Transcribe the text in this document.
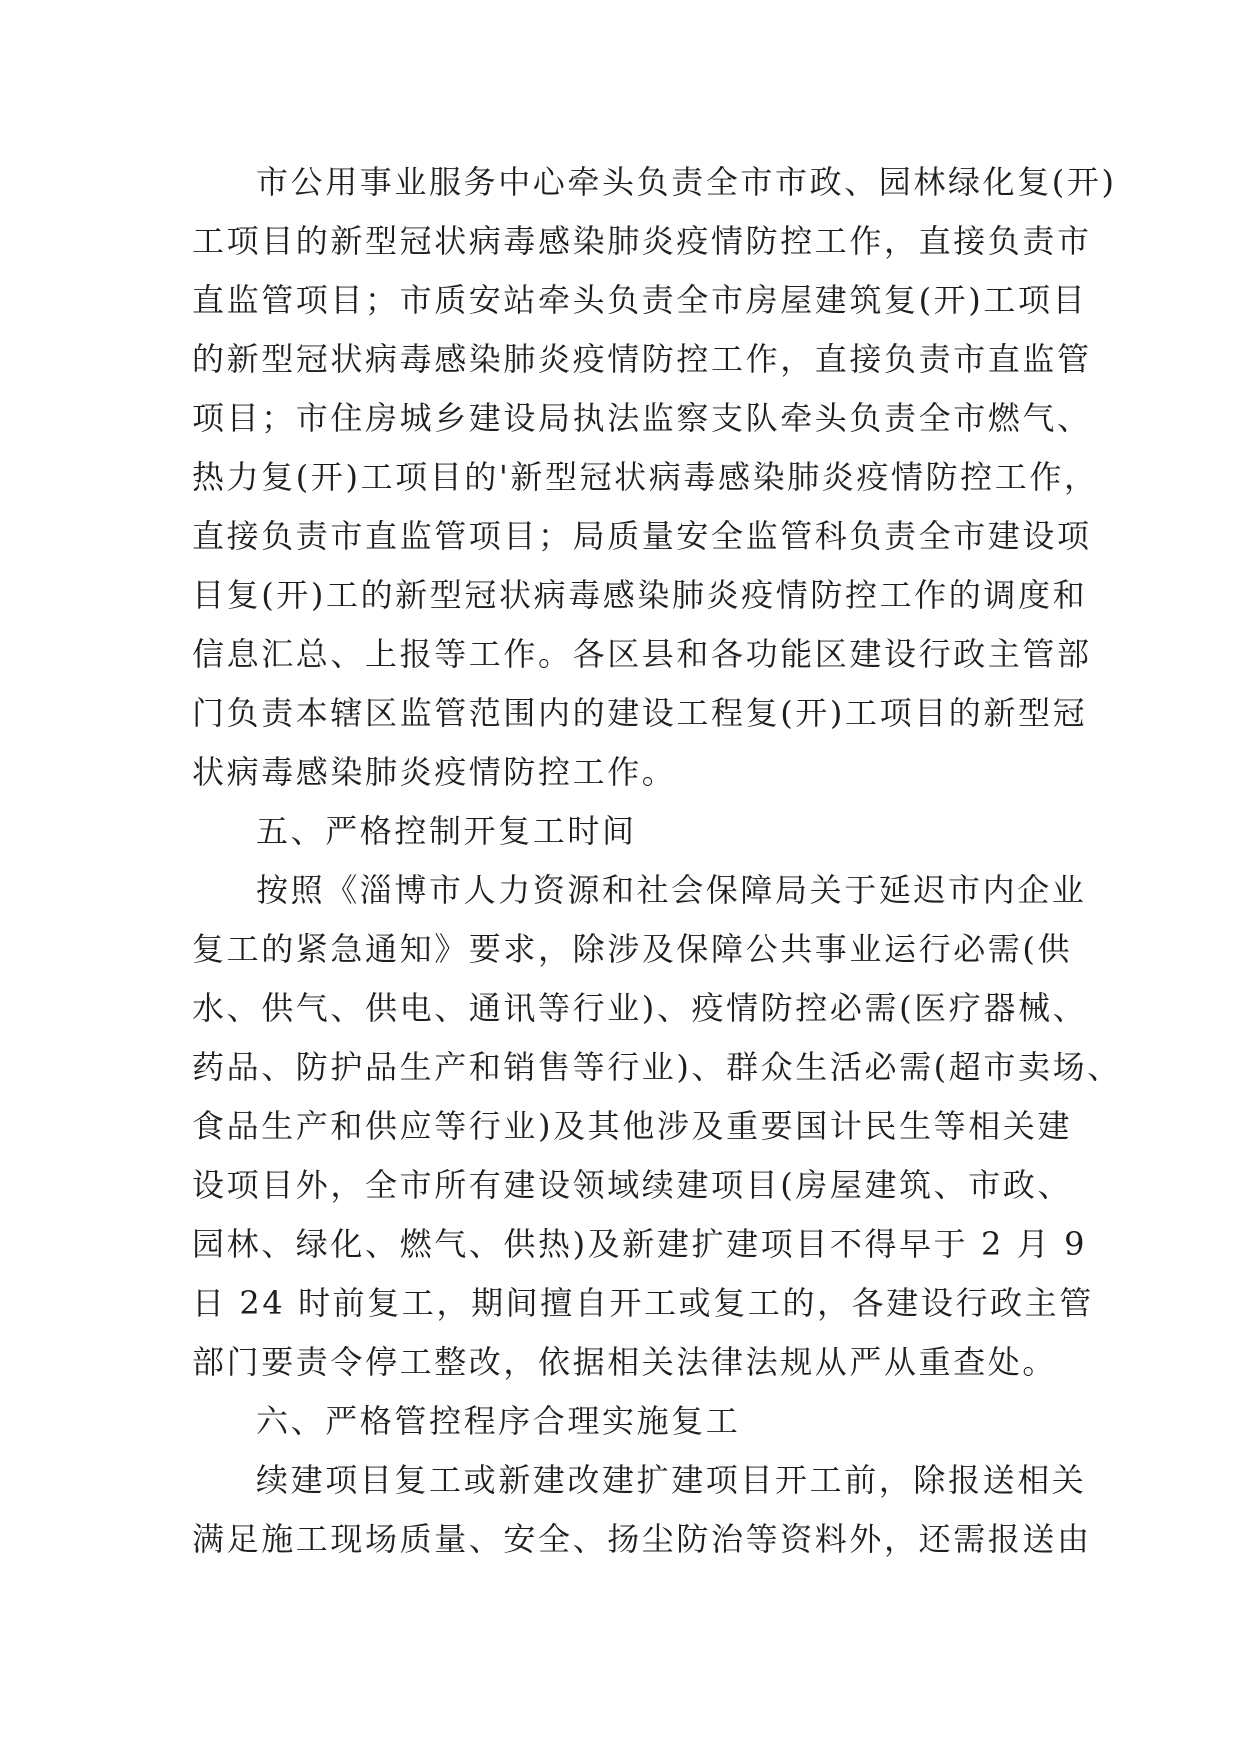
市公用事业服务中心牵头负责全市市政、园林绿化复(开)
工项目的新型冠状病毒感染肺炎疫情防控工作，直接负责市
直监管项目；市质安站牵头负责全市房屋建筑复(开)工项目
的新型冠状病毒感染肺炎疫情防控工作，直接负责市直监管
项目；市住房城乡建设局执法监察支队牵头负责全市燃气、
热力复(开)工项目的'新型冠状病毒感染肺炎疫情防控工作，
直接负责市直监管项目；局质量安全监管科负责全市建设项
目复(开)工的新型冠状病毒感染肺炎疫情防控工作的调度和
信息汇总、上报等工作。各区县和各功能区建设行政主管部
门负责本辖区监管范围内的建设工程复(开)工项目的新型冠
状病毒感染肺炎疫情防控工作。
五、严格控制开复工时间
按照《淄博市人力资源和社会保障局关于延迟市内企业
复工的紧急通知》要求，除涉及保障公共事业运行必需(供
水、供气、供电、通讯等行业)、疫情防控必需(医疗器械、
药品、防护品生产和销售等行业)、群众生活必需(超市卖场、
食品生产和供应等行业)及其他涉及重要国计民生等相关建
设项目外，全市所有建设领域续建项目(房屋建筑、市政、
园林、绿化、燃气、供热)及新建扩建项目不得早于 2 月 9
日 24 时前复工，期间擅自开工或复工的，各建设行政主管
部门要责令停工整改，依据相关法律法规从严从重查处。
六、严格管控程序合理实施复工
续建项目复工或新建改建扩建项目开工前，除报送相关
满足施工现场质量、安全、扬尘防治等资料外，还需报送由
